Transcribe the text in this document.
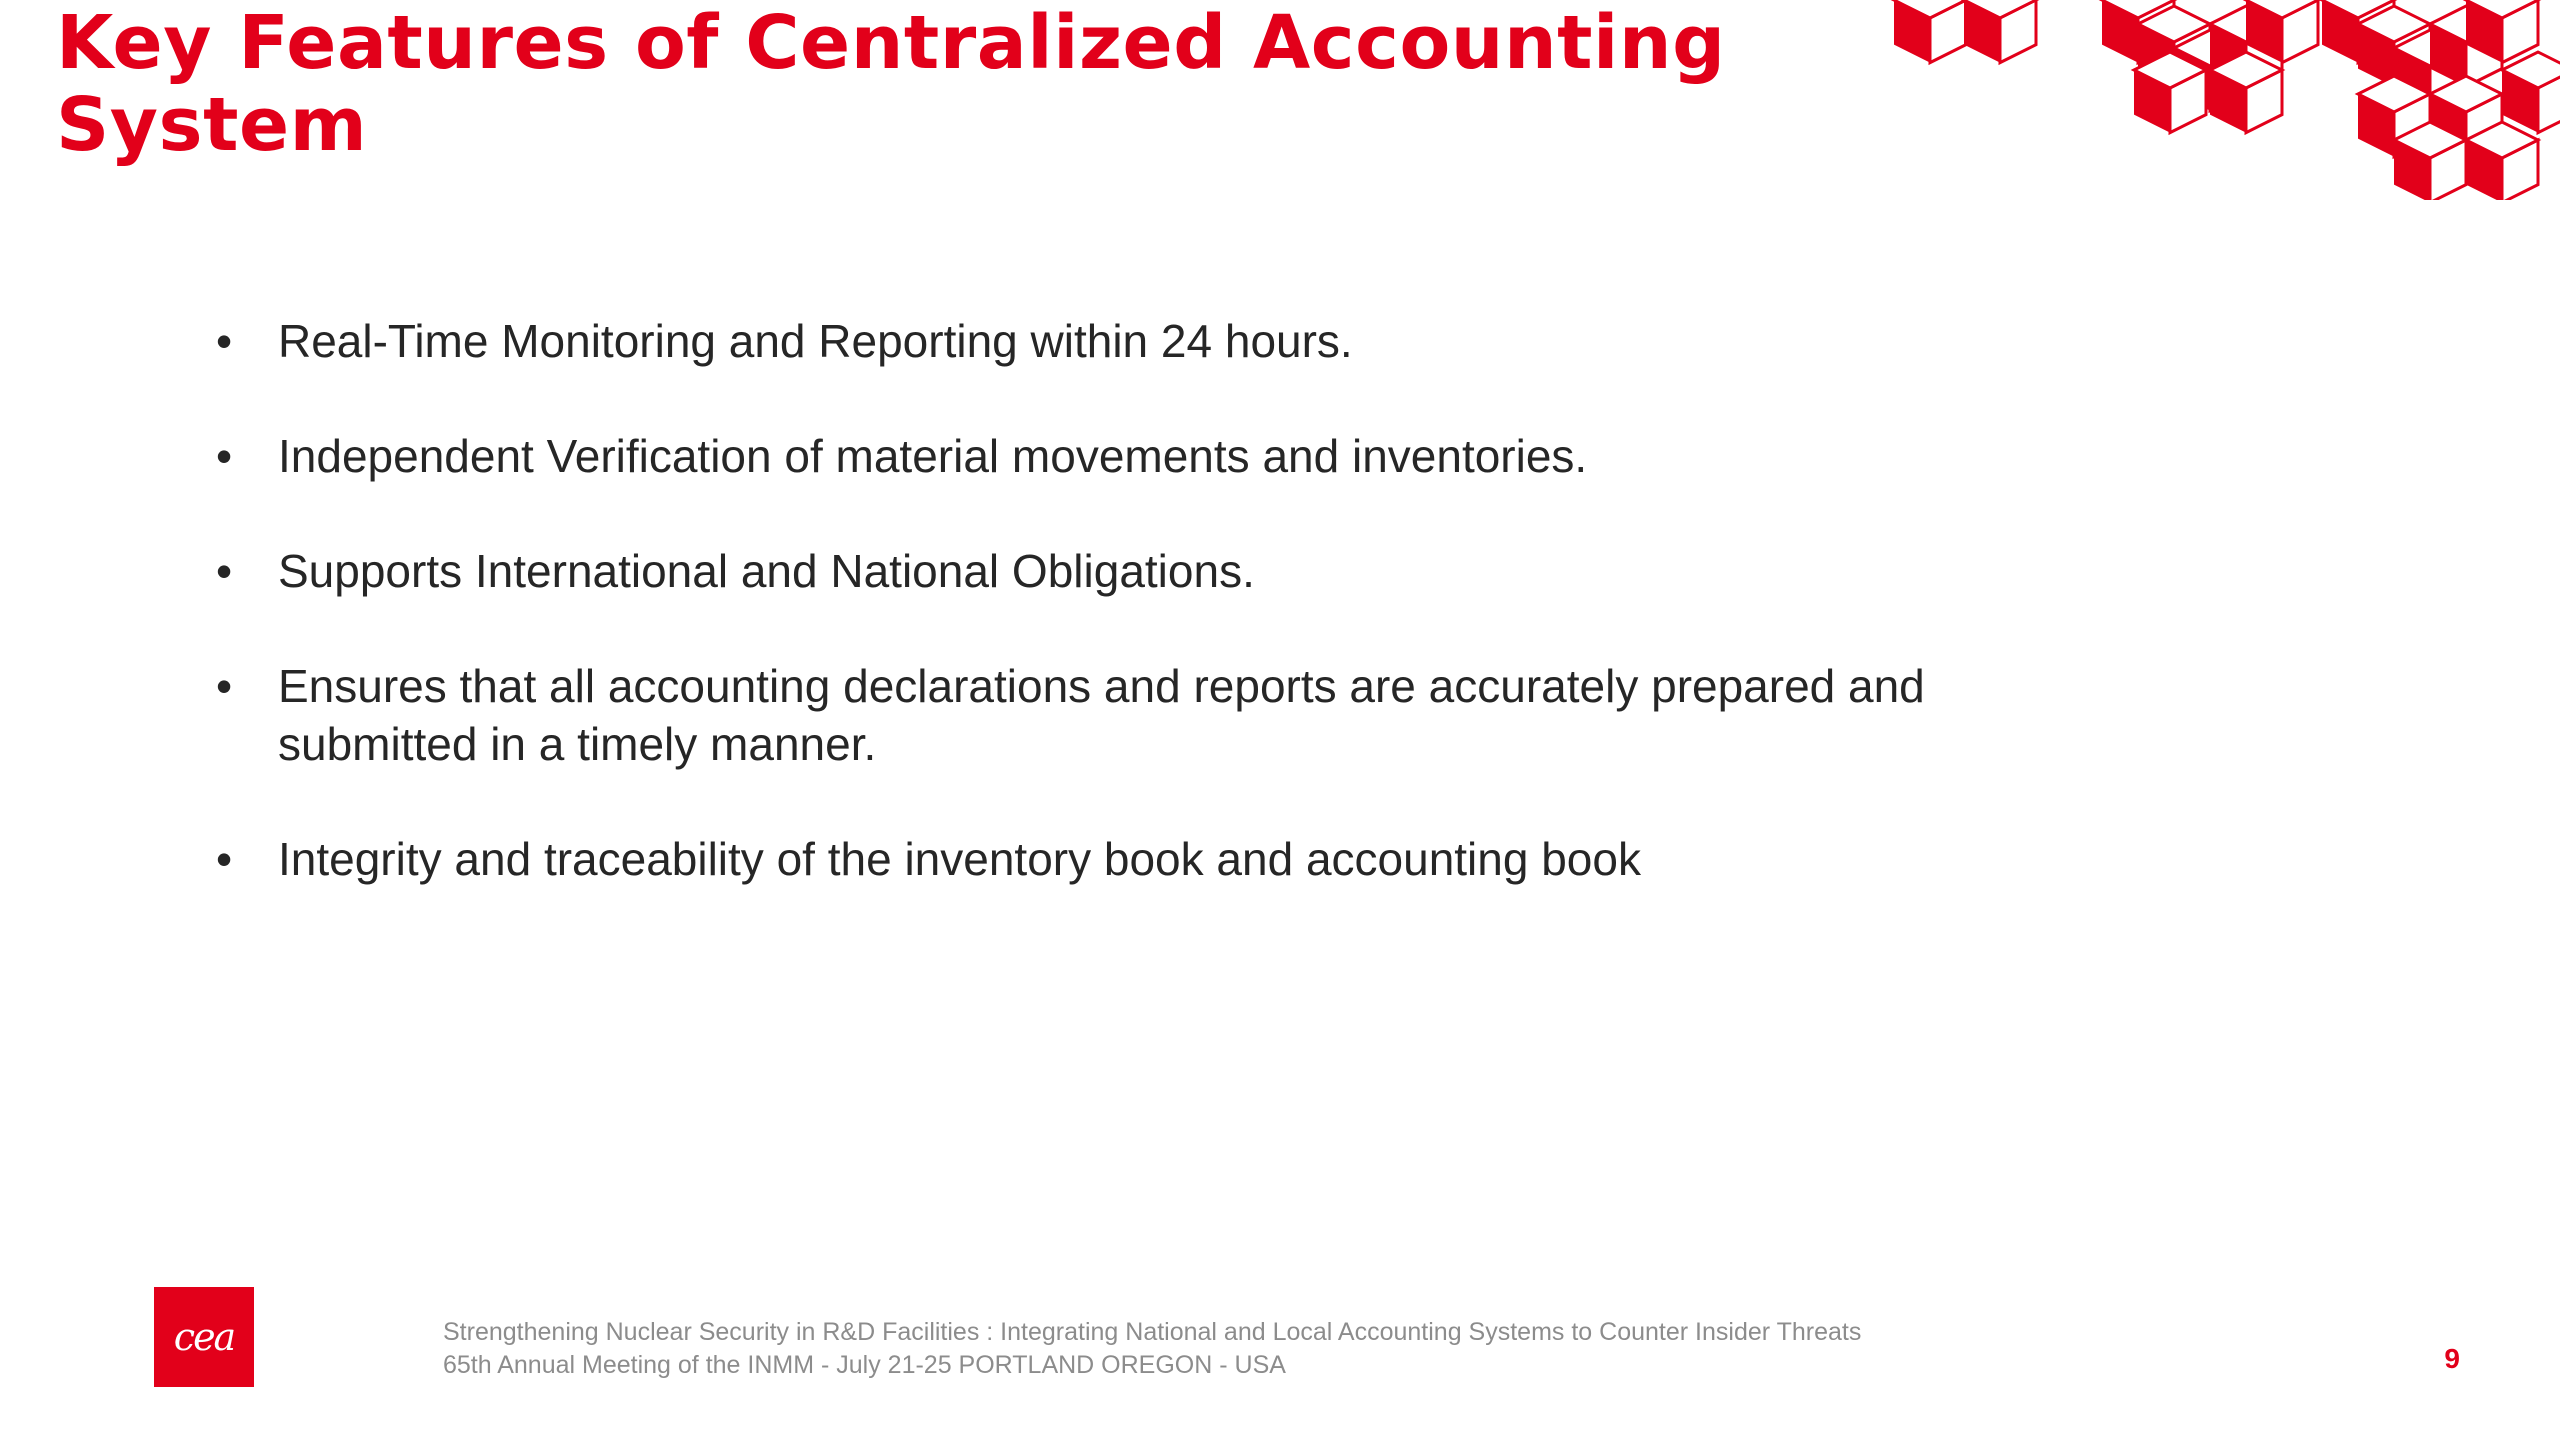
Key Features of Centralized Accounting
System
• Real-Time Monitoring and Reporting within 24 hours.
• Independent Verification of material movements and inventories.
• Supports International and National Obligations.
• Ensures that all accounting declarations and reports are accurately prepared and submitted in a timely manner.
• Integrity and traceability of the inventory book and accounting book
cea	Strengthening Nuclear Security in R&D Facilities : Integrating National and Local Accounting Systems to Counter Insider Threats
65th Annual Meeting of the INMM - July 21-25 PORTLAND OREGON - USA	9
